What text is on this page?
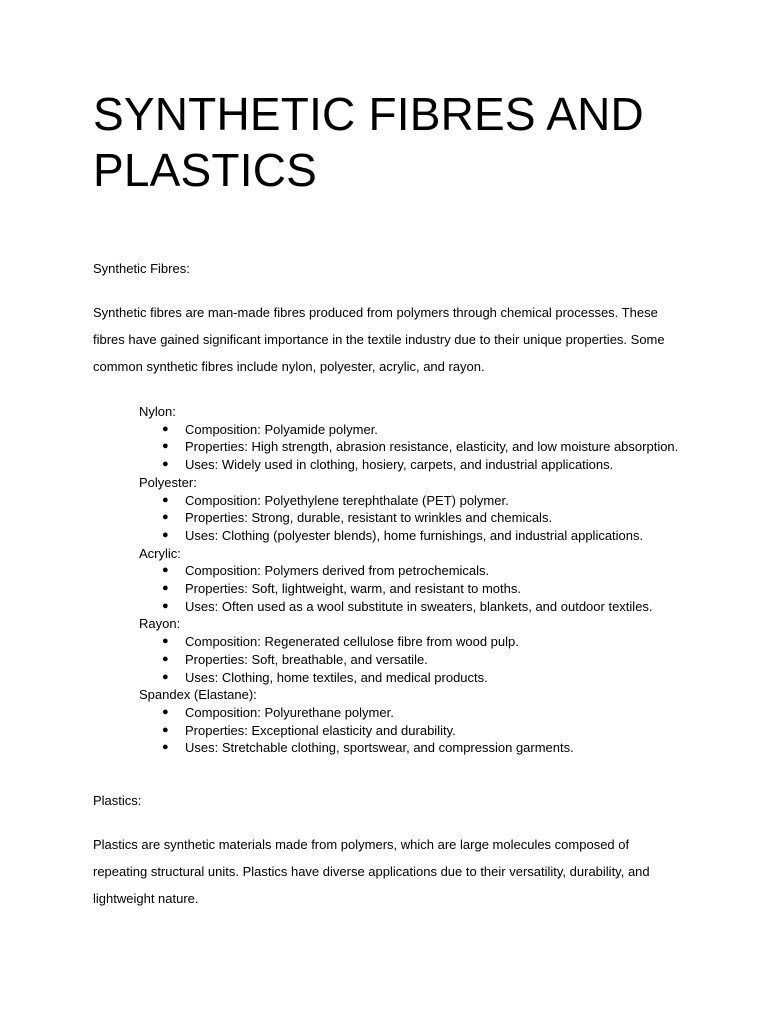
SYNTHETIC FIBRES AND PLASTICS

Synthetic Fibres:

Synthetic fibres are man-made fibres produced from polymers through chemical processes. These fibres have gained significant importance in the textile industry due to their unique properties. Some common synthetic fibres include nylon, polyester, acrylic, and rayon.

Nylon:
● Composition: Polyamide polymer.
● Properties: High strength, abrasion resistance, elasticity, and low moisture absorption.
● Uses: Widely used in clothing, hosiery, carpets, and industrial applications.
Polyester:
● Composition: Polyethylene terephthalate (PET) polymer.
● Properties: Strong, durable, resistant to wrinkles and chemicals.
● Uses: Clothing (polyester blends), home furnishings, and industrial applications.
Acrylic:
● Composition: Polymers derived from petrochemicals.
● Properties: Soft, lightweight, warm, and resistant to moths.
● Uses: Often used as a wool substitute in sweaters, blankets, and outdoor textiles.
Rayon:
● Composition: Regenerated cellulose fibre from wood pulp.
● Properties: Soft, breathable, and versatile.
● Uses: Clothing, home textiles, and medical products.
Spandex (Elastane):
● Composition: Polyurethane polymer.
● Properties: Exceptional elasticity and durability.
● Uses: Stretchable clothing, sportswear, and compression garments.

Plastics:

Plastics are synthetic materials made from polymers, which are large molecules composed of repeating structural units. Plastics have diverse applications due to their versatility, durability, and lightweight nature.
